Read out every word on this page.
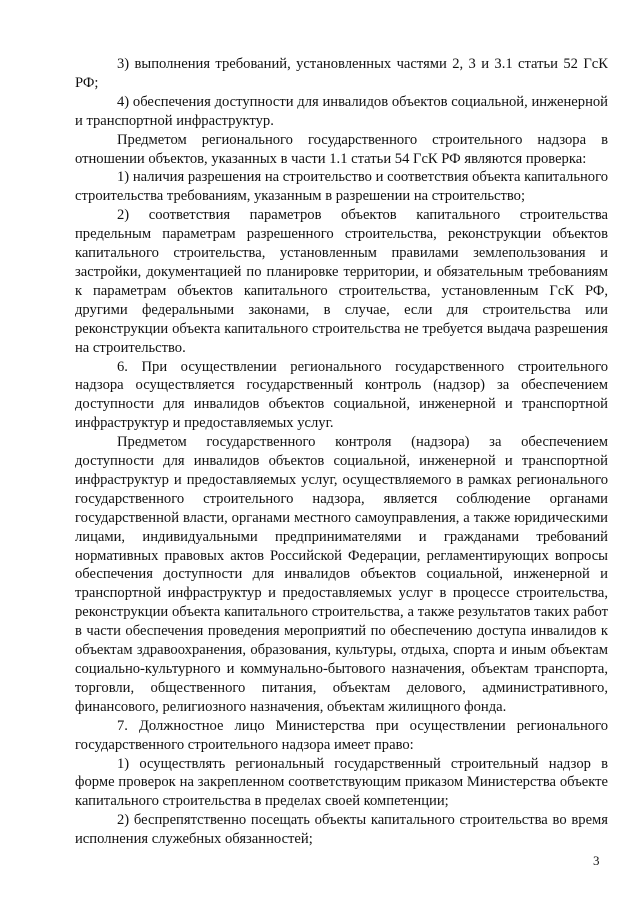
3) выполнения требований, установленных частями 2, 3 и 3.1 статьи 52 ГсК РФ;

4) обеспечения доступности для инвалидов объектов социальной, инженерной и транспортной инфраструктур.

Предметом регионального государственного строительного надзора в отношении объектов, указанных в части 1.1 статьи 54 ГсК РФ являются проверка:

1) наличия разрешения на строительство и соответствия объекта капитального строительства требованиям, указанным в разрешении на строительство;

2) соответствия параметров объектов капитального строительства предельным параметрам разрешенного строительства, реконструкции объектов капитального строительства, установленным правилами землепользования и застройки, документацией по планировке территории, и обязательным требованиям к параметрам объектов капитального строительства, установленным ГсК РФ, другими федеральными законами, в случае, если для строительства или реконструкции объекта капитального строительства не требуется выдача разрешения на строительство.

6. При осуществлении регионального государственного строительного надзора осуществляется государственный контроль (надзор) за обеспечением доступности для инвалидов объектов социальной, инженерной и транспортной инфраструктур и предоставляемых услуг.

Предметом государственного контроля (надзора) за обеспечением доступности для инвалидов объектов социальной, инженерной и транспортной инфраструктур и предоставляемых услуг, осуществляемого в рамках регионального государственного строительного надзора, является соблюдение органами государственной власти, органами местного самоуправления, а также юридическими лицами, индивидуальными предпринимателями и гражданами требований нормативных правовых актов Российской Федерации, регламентирующих вопросы обеспечения доступности для инвалидов объектов социальной, инженерной и транспортной инфраструктур и предоставляемых услуг в процессе строительства, реконструкции объекта капитального строительства, а также результатов таких работ в части обеспечения проведения мероприятий по обеспечению доступа инвалидов к объектам здравоохранения, образования, культуры, отдыха, спорта и иным объектам социально-культурного и коммунально-бытового назначения, объектам транспорта, торговли, общественного питания, объектам делового, административного, финансового, религиозного назначения, объектам жилищного фонда.

7. Должностное лицо Министерства при осуществлении регионального государственного строительного надзора имеет право:

1) осуществлять региональный государственный строительный надзор в форме проверок на закрепленном соответствующим приказом Министерства объекте капитального строительства в пределах своей компетенции;

2) беспрепятственно посещать объекты капитального строительства во время исполнения служебных обязанностей;

3
